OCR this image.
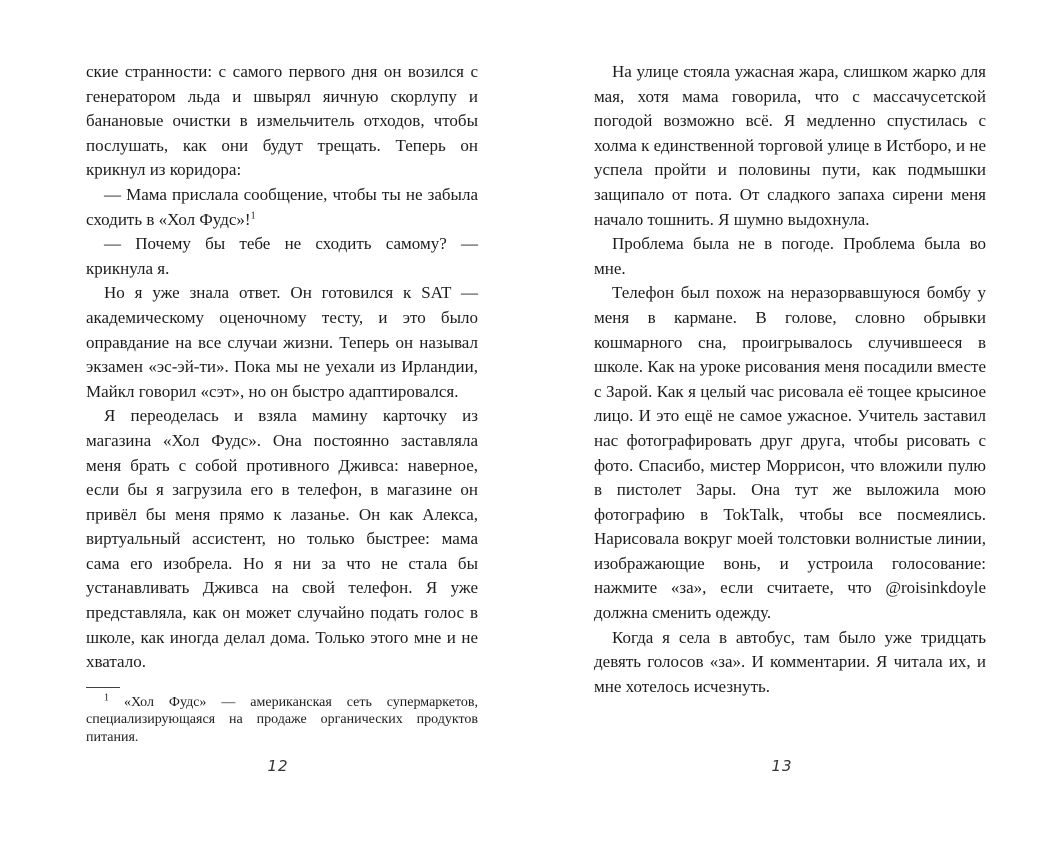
ские странности: с самого первого дня он возился с генератором льда и швырял яичную скорлупу и банановые очистки в измельчитель отходов, чтобы послушать, как они будут трещать. Теперь он крикнул из коридора:

— Мама прислала сообщение, чтобы ты не забыла сходить в «Хол Фудс»!$^1$

— Почему бы тебе не сходить самому? — крикнула я.

Но я уже знала ответ. Он готовился к SAT — академическому оценочному тесту, и это было оправдание на все случаи жизни. Теперь он называл экзамен «эс-эй-ти». Пока мы не уехали из Ирландии, Майкл говорил «сэт», но он быстро адаптировался.

Я переоделась и взяла мамину карточку из магазина «Хол Фудс». Она постоянно заставляла меня брать с собой противного Дживса: наверное, если бы я загрузила его в телефон, в магазине он привёл бы меня прямо к лазанье. Он как Алекса, виртуальный ассистент, но только быстрее: мама сама его изобрела. Но я ни за что не стала бы устанавливать Дживса на свой телефон. Я уже представляла, как он может случайно подать голос в школе, как иногда делал дома. Только этого мне и не хватало.

$^1$ «Хол Фудс» — американская сеть супермаркетов, специализирующаяся на продаже органических продуктов питания.

12

На улице стояла ужасная жара, слишком жарко для мая, хотя мама говорила, что с массачусетской погодой возможно всё. Я медленно спустилась с холма к единственной торговой улице в Истборо, и не успела пройти и половины пути, как подмышки защипало от пота. От сладкого запаха сирени меня начало тошнить. Я шумно выдохнула.

Проблема была не в погоде. Проблема была во мне.

Телефон был похож на неразорвавшуюся бомбу у меня в кармане. В голове, словно обрывки кошмарного сна, проигрывалось случившееся в школе. Как на уроке рисования меня посадили вместе с Зарой. Как я целый час рисовала её тощее крысиное лицо. И это ещё не самое ужасное. Учитель заставил нас фотографировать друг друга, чтобы рисовать с фото. Спасибо, мистер Моррисон, что вложили пулю в пистолет Зары. Она тут же выложила мою фотографию в TokTalk, чтобы все посмеялись. Нарисовала вокруг моей толстовки волнистые линии, изображающие вонь, и устроила голосование: нажмите «за», если считаете, что @roisinkdoyle должна сменить одежду.

Когда я села в автобус, там было уже тридцать девять голосов «за». И комментарии. Я читала их, и мне хотелось исчезнуть.

13
